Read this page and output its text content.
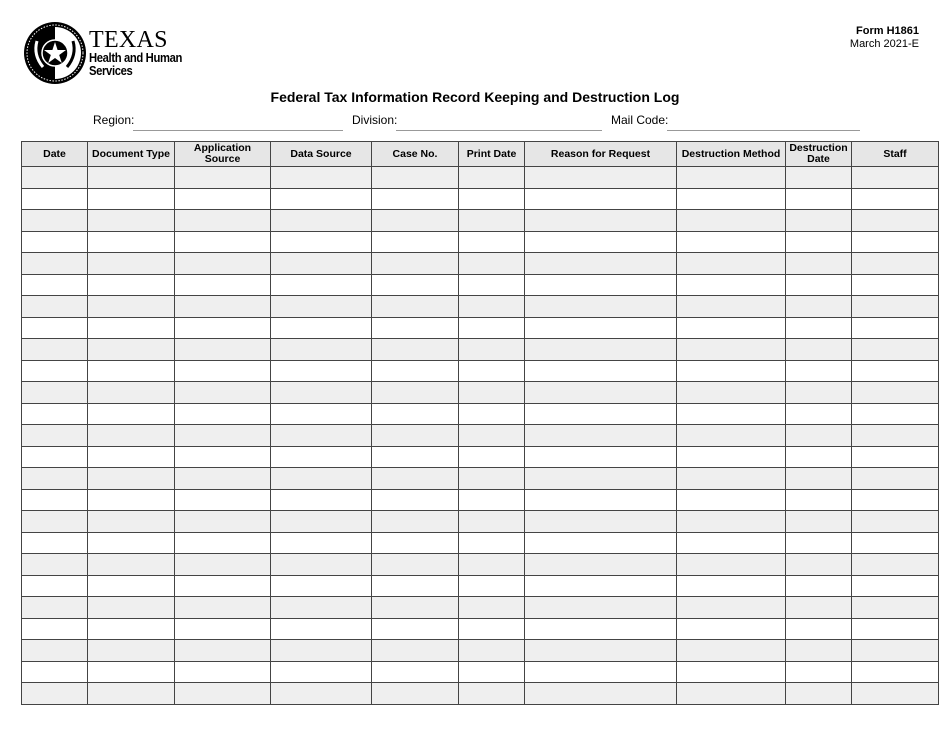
TEXAS
Health and Human
Services
Form H1861
March 2021-E
Federal Tax Information Record Keeping and Destruction Log
Region:	Division:	Mail Code:
Date	Document Type	Application Source	Data Source	Case No.	Print Date	Reason for Request	Destruction Method	Destruction Date	Staff
